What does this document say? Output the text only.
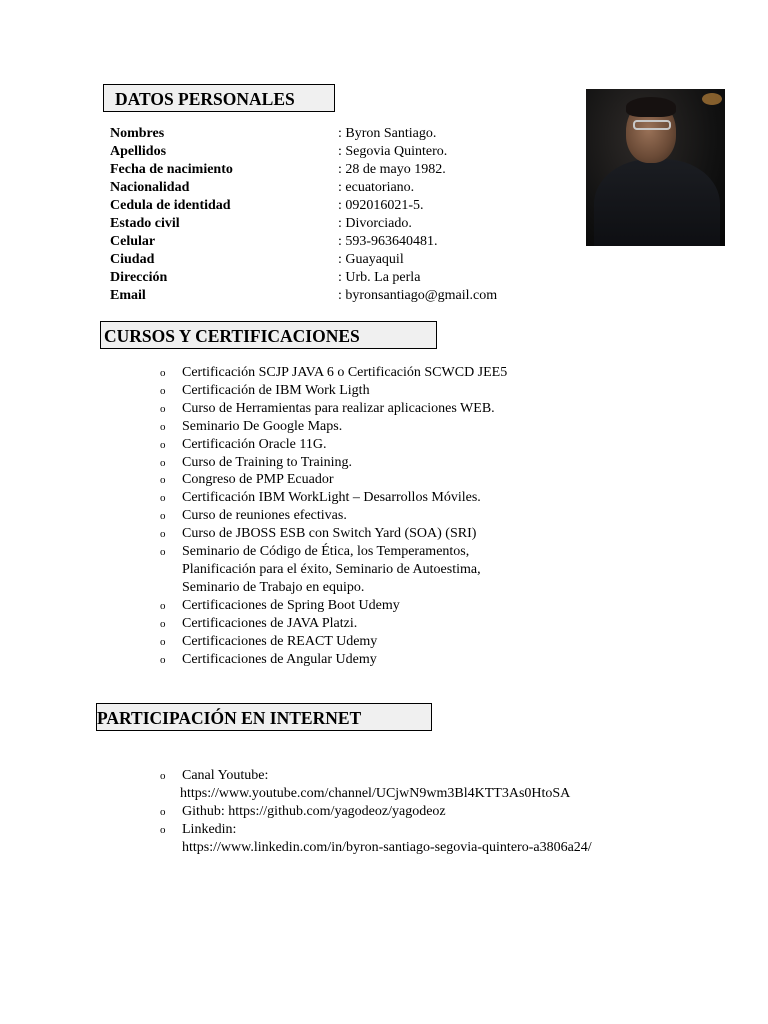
DATOS PERSONALES
Nombres	: Byron Santiago.
Apellidos	: Segovia Quintero.
Fecha de nacimiento	: 28 de mayo 1982.
Nacionalidad	: ecuatoriano.
Cedula de identidad	: 092016021-5.
Estado civil	: Divorciado.
Celular	: 593-963640481.
Ciudad	: Guayaquil
Dirección	: Urb. La perla
Email	: byronsantiago@gmail.com
CURSOS Y CERTIFICACIONES
o Certificación SCJP JAVA 6 ο Certificación SCWCD JEE5
o Certificación de IBM Work Ligth
o Curso de Herramientas para realizar aplicaciones WEB.
o Seminario De Google Maps.
o Certificación Oracle 11G.
o Curso de Training to Training.
o Congreso de PMP Ecuador
o Certificación IBM WorkLight – Desarrollos Móviles.
o Curso de reuniones efectivas.
o Curso de JBOSS ESB con Switch Yard (SOA) (SRI)
o Seminario de Código de Ética, los Temperamentos,
Planificación para el éxito, Seminario de Autoestima,
Seminario de Trabajo en equipo.
o Certificaciones de Spring Boot Udemy
o Certificaciones de JAVA Platzi.
o Certificaciones de REACT Udemy
o Certificaciones de Angular Udemy
PARTICIPACIÓN EN INTERNET
o Canal Youtube:
https://www.youtube.com/channel/UCjwN9wm3Bl4KTT3As0HtoSA
o Github: https://github.com/yagodeoz/yagodeoz
o Linkedin:
https://www.linkedin.com/in/byron-santiago-segovia-quintero-a3806a24/
